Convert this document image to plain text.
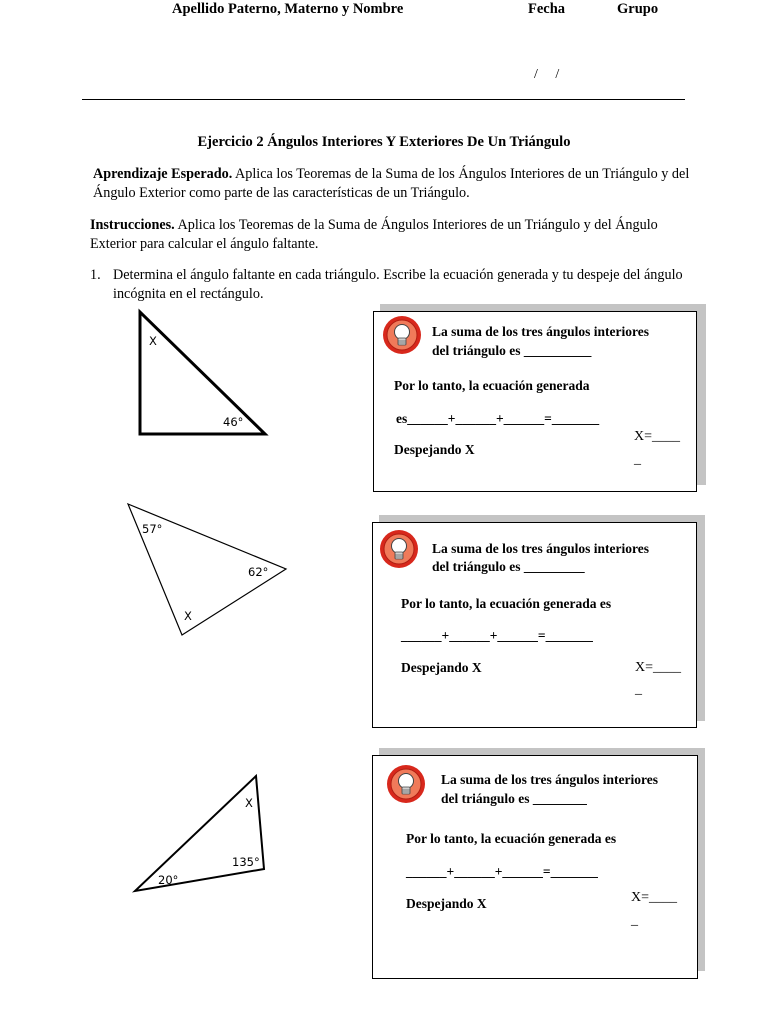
Apellido Paterno, Materno y Nombre	Fecha	Grupo
/     /
Ejercicio 2 Ángulos Interiores Y Exteriores De Un Triángulo
Aprendizaje Esperado. Aplica los Teoremas de la Suma de los Ángulos Interiores de un Triángulo y del Ángulo Exterior como parte de las características de un Triángulo.
Instrucciones. Aplica los Teoremas de la Suma de Ángulos Interiores de un Triángulo y del Ángulo Exterior para calcular el ángulo faltante.
1. Determina el ángulo faltante en cada triángulo. Escribe la ecuación generada y tu despeje del ángulo incógnita en el rectángulo.
X
46°
57°
62°
X
X
135°
20°
La suma de los tres ángulos interiores
del triángulo es __________
Por lo tanto, la ecuación generada
es______+______+______=_______
Despejando X
X=____
_
La suma de los tres ángulos interiores
del triángulo es _________
Por lo tanto, la ecuación generada es
______+______+______=_______
Despejando X	X=____
_
La suma de los tres ángulos interiores
del triángulo es ________
Por lo tanto, la ecuación generada es
______+______+______=_______
Despejando X	X=____
_
